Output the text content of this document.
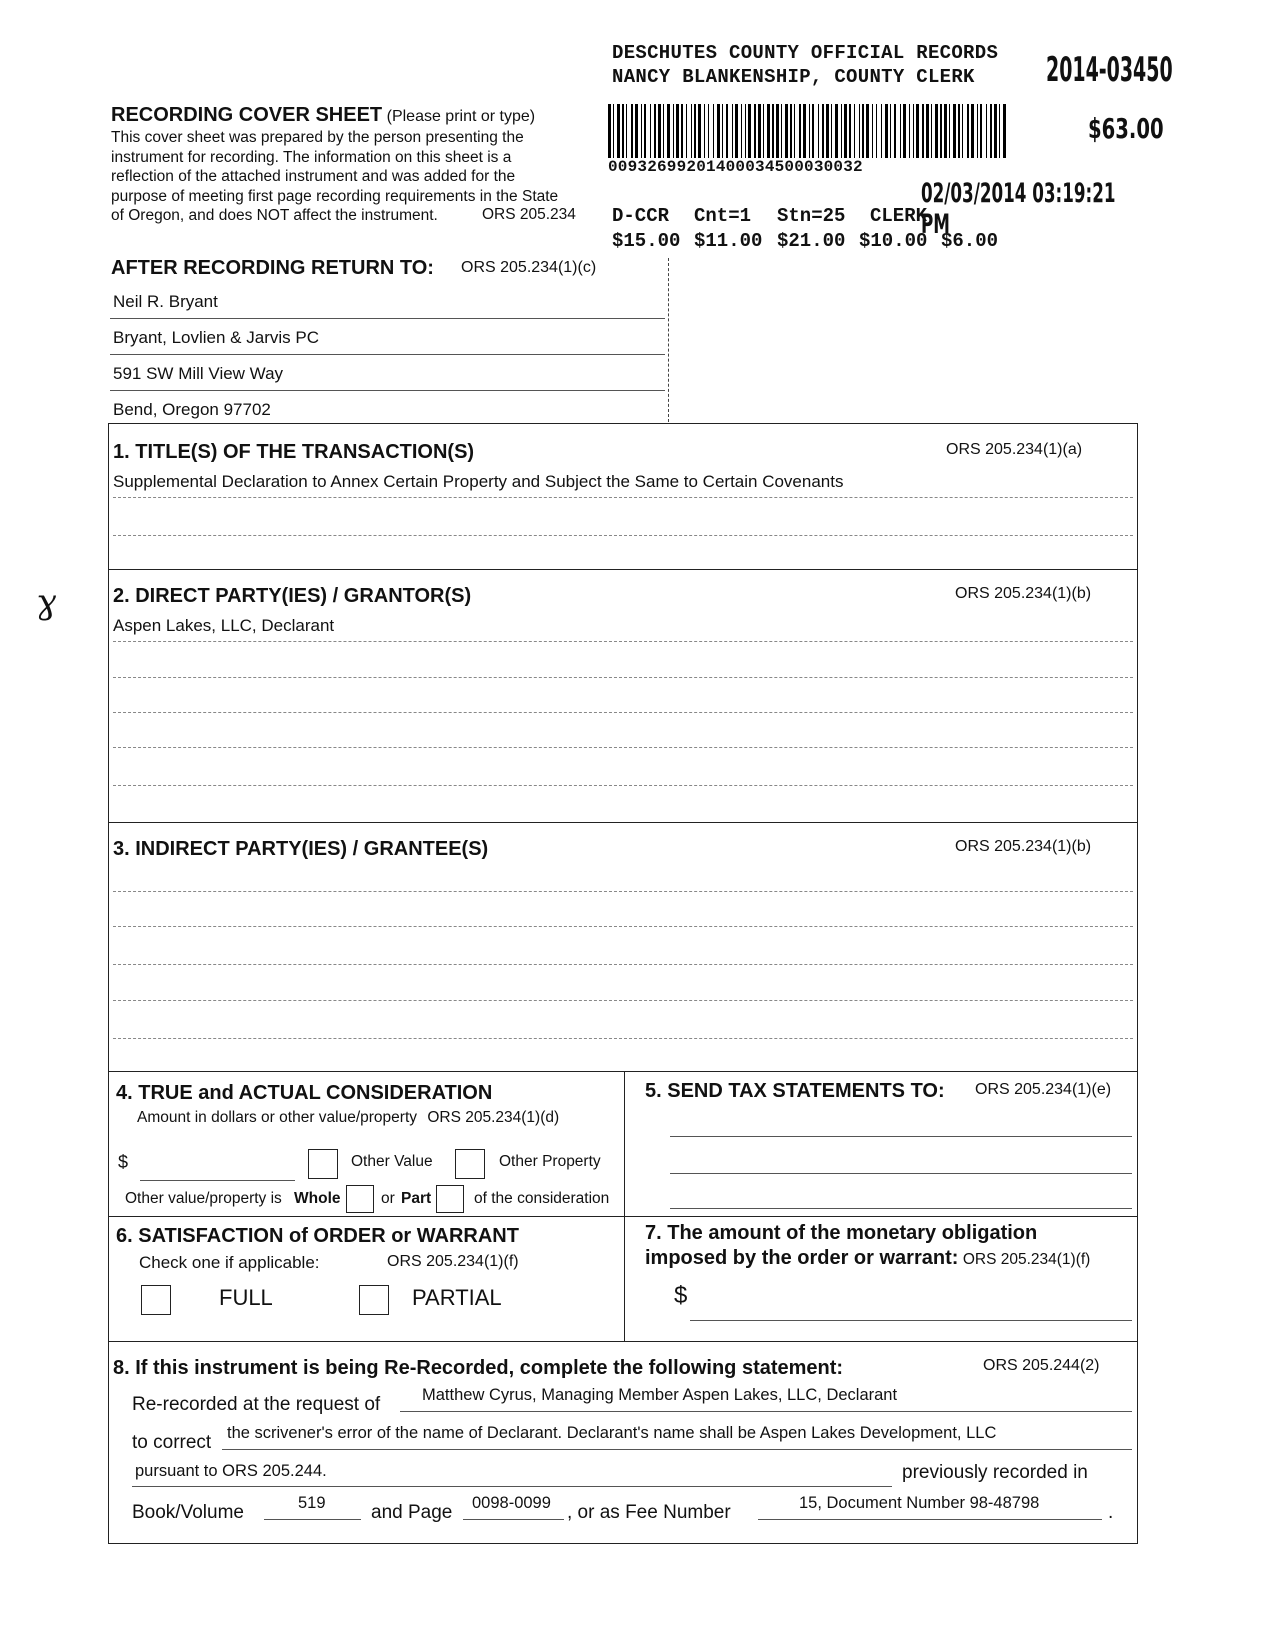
DESCHUTES COUNTY OFFICIAL RECORDS
NANCY BLANKENSHIP, COUNTY CLERK 2014-03450
$63.00
00932699201400034500030032
02/03/2014 03:19:21 PM
D-CCR Cnt=1 Stn=25 CLERK
$15.00 $11.00 $21.00 $10.00 $6.00
RECORDING COVER SHEET (Please print or type)
This cover sheet was prepared by the person presenting the
instrument for recording. The information on this sheet is a
reflection of the attached instrument and was added for the
purpose of meeting first page recording requirements in the State
of Oregon, and does NOT affect the instrument.	ORS 205.234
AFTER RECORDING RETURN TO: ORS 205.234(1)(c)
Neil R. Bryant
Bryant, Lovlien & Jarvis PC
591 SW Mill View Way
Bend, Oregon 97702
1. TITLE(S) OF THE TRANSACTION(S)	ORS 205.234(1)(a)
Supplemental Declaration to Annex Certain Property and Subject the Same to Certain Covenants
ɣ	2. DIRECT PARTY(IES) / GRANTOR(S)	ORS 205.234(1)(b)
Aspen Lakes, LLC, Declarant
3. INDIRECT PARTY(IES) / GRANTEE(S)	ORS 205.234(1)(b)
4. TRUE and ACTUAL CONSIDERATION
Amount in dollars or other value/property ORS 205.234(1)(d)
$	Other Value	Other Property
Other value/property is Whole	or Part	of the consideration
5. SEND TAX STATEMENTS TO: ORS 205.234(1)(e)
6. SATISFACTION of ORDER or WARRANT
Check one if applicable:	ORS 205.234(1)(f)
FULL	PARTIAL
7. The amount of the monetary obligation
imposed by the order or warrant: ORS 205.234(1)(f)
$
8. If this instrument is being Re-Recorded, complete the following statement:	ORS 205.244(2)
Re-recorded at the request of	Matthew Cyrus, Managing Member Aspen Lakes, LLC, Declarant
to correct the scrivener's error of the name of Declarant. Declarant's name shall be Aspen Lakes Development, LLC
pursuant to ORS 205.244.	previously recorded in
Book/Volume	519 and Page 0098-0099 , or as Fee Number	15, Document Number 98-48798	.
